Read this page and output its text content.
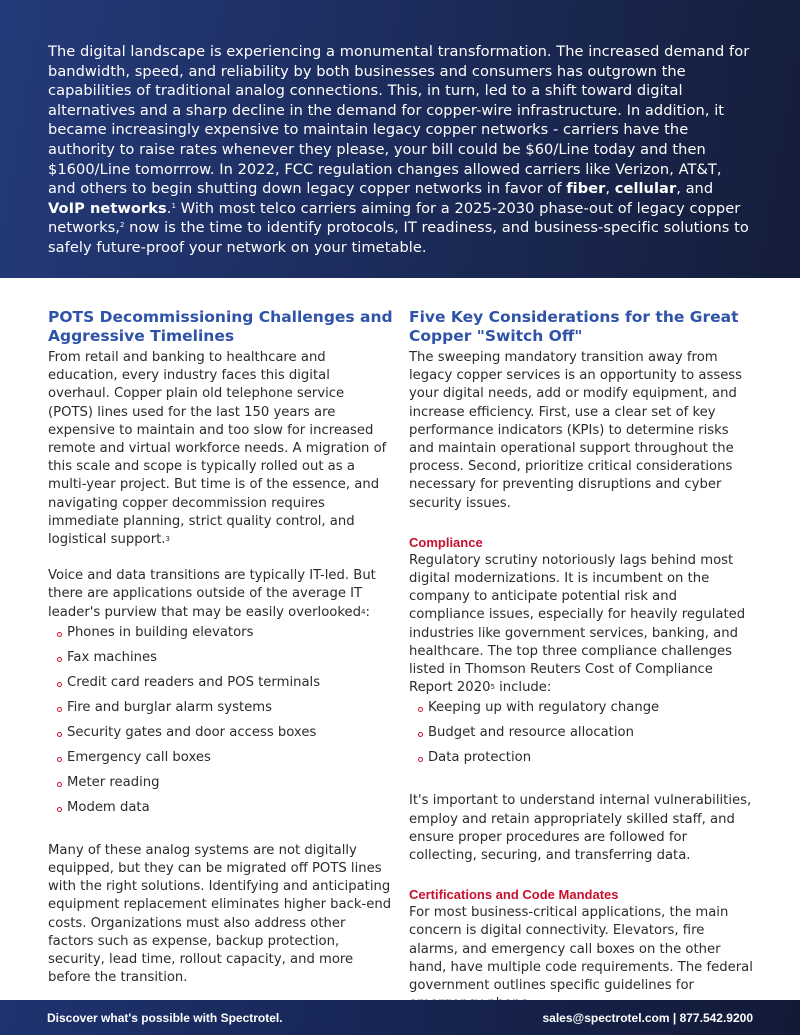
The digital landscape is experiencing a monumental transformation. The increased demand for bandwidth, speed, and reliability by both businesses and consumers has outgrown the capabilities of traditional analog connections. This, in turn, led to a shift toward digital alternatives and a sharp decline in the demand for copper-wire infrastructure. In addition, it became increasingly expensive to maintain legacy copper networks - carriers have the authority to raise rates whenever they please, your bill could be $60/Line today and then $1600/Line tomorrrow. In 2022, FCC regulation changes allowed carriers like Verizon, AT&T, and others to begin shutting down legacy copper networks in favor of fiber, cellular, and VoIP networks.$^1$ With most telco carriers aiming for a 2025-2030 phase-out of legacy copper networks,$^2$ now is the time to identify protocols, IT readiness, and business-specific solutions to safely future-proof your network on your timetable.

POTS Decommissioning Challenges and Aggressive Timelines

From retail and banking to healthcare and education, every industry faces this digital overhaul. Copper plain old telephone service (POTS) lines used for the last 150 years are expensive to maintain and too slow for increased remote and virtual workforce needs. A migration of this scale and scope is typically rolled out as a multi-year project. But time is of the essence, and navigating copper decommission requires immediate planning, strict quality control, and logistical support.$^3$

Voice and data transitions are typically IT-led. But there are applications outside of the average IT leader's purview that may be easily overlooked$^4$:

Phones in building elevators
Fax machines
Credit card readers and POS terminals
Fire and burglar alarm systems
Security gates and door access boxes
Emergency call boxes
Meter reading
Modem data

Many of these analog systems are not digitally equipped, but they can be migrated off POTS lines with the right solutions. Identifying and anticipating equipment replacement eliminates higher back-end costs. Organizations must also address other factors such as expense, backup protection, security, lead time, rollout capacity, and more before the transition.

Five Key Considerations for the Great Copper "Switch Off"

The sweeping mandatory transition away from legacy copper services is an opportunity to assess your digital needs, add or modify equipment, and increase efficiency. First, use a clear set of key performance indicators (KPIs) to determine risks and maintain operational support throughout the process. Second, prioritize critical considerations necessary for preventing disruptions and cyber security issues.

Compliance

Regulatory scrutiny notoriously lags behind most digital modernizations. It is incumbent on the company to anticipate potential risk and compliance issues, especially for heavily regulated industries like government services, banking, and healthcare. The top three compliance challenges listed in Thomson Reuters Cost of Compliance Report 2020$^5$ include:

Keeping up with regulatory change
Budget and resource allocation
Data protection

It's important to understand internal vulnerabilities, employ and retain appropriately skilled staff, and ensure proper procedures are followed for collecting, securing, and transferring data.

Certifications and Code Mandates

For most business-critical applications, the main concern is digital connectivity. Elevators, fire alarms, and emergency call boxes on the other hand, have multiple code requirements. The federal government outlines specific guidelines for

Discover what's possible with Spectrotel.	sales@spectrotel.com | 877.542.9200
